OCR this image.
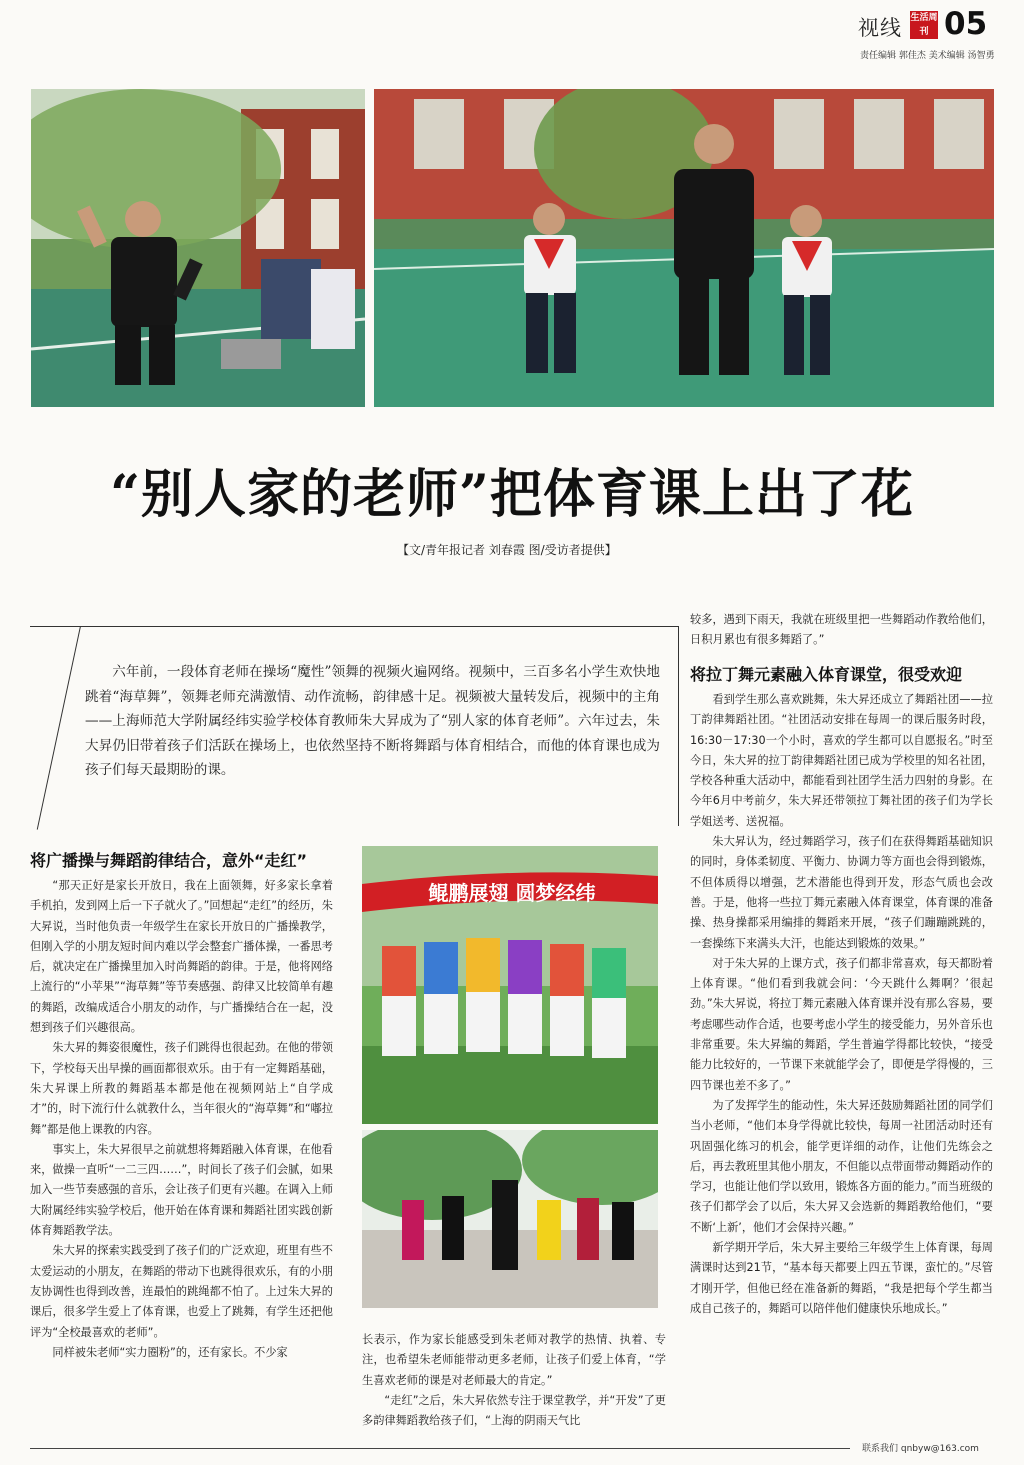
视线 生活周刊 05
责任编辑 郭佳杰 美术编辑 汤智勇
“别人家的老师”把体育课上出了花
【文/青年报记者 刘春霞 图/受访者提供】
六年前，一段体育老师在操场“魔性”领舞的视频火遍网络。视频中，三百多名小学生欢快地跳着“海草舞”，领舞老师充满激情、动作流畅，韵律感十足。视频被大量转发后，视频中的主角——上海师范大学附属经纬实验学校体育教师朱大昇成为了“别人家的体育老师”。六年过去，朱大昇仍旧带着孩子们活跃在操场上，也依然坚持不断将舞蹈与体育相结合，而他的体育课也成为孩子们每天最期盼的课。
将广播操与舞蹈韵律结合，意外“走红”

“那天正好是家长开放日，我在上面领舞，好多家长拿着手机拍，发到网上后一下子就火了。”回想起“走红”的经历，朱大昇说，当时他负责一年级学生在家长开放日的广播操教学，但刚入学的小朋友短时间内难以学会整套广播体操，一番思考后，就决定在广播操里加入时尚舞蹈的韵律。于是，他将网络上流行的“小苹果”“海草舞”等节奏感强、韵律又比较简单有趣的舞蹈，改编成适合小朋友的动作，与广播操结合在一起，没想到孩子们兴趣很高。

朱大昇的舞姿很魔性，孩子们跳得也很起劲。在他的带领下，学校每天出早操的画面都很欢乐。由于有一定舞蹈基础，朱大昇课上所教的舞蹈基本都是他在视频网站上“自学成才”的，时下流行什么就教什么，当年很火的“海草舞”和“嘟拉舞”都是他上课教的内容。

事实上，朱大昇很早之前就想将舞蹈融入体育课，在他看来，做操一直听“一二三四……”，时间长了孩子们会腻，如果加入一些节奏感强的音乐，会让孩子们更有兴趣。在调入上师大附属经纬实验学校后，他开始在体育课和舞蹈社团实践创新体育舞蹈教学法。

朱大昇的探索实践受到了孩子们的广泛欢迎，班里有些不太爱运动的小朋友，在舞蹈的带动下也跳得很欢乐，有的小朋友协调性也得到改善，连最怕的跳绳都不怕了。上过朱大昇的课后，很多学生爱上了体育课，也爱上了跳舞，有学生还把他评为“全校最喜欢的老师”。

同样被朱老师“实力圈粉”的，还有家长。不少家

鲲鹏展翅 圆梦经纬

长表示，作为家长能感受到朱老师对教学的热情、执着、专注，也希望朱老师能带动更多老师，让孩子们爱上体育，“学生喜欢老师的课是对老师最大的肯定。”

“走红”之后，朱大昇依然专注于课堂教学，并“开发”了更多韵律舞蹈教给孩子们，“上海的阴雨天气比

较多，遇到下雨天，我就在班级里把一些舞蹈动作教给他们，日积月累也有很多舞蹈了。”

将拉丁舞元素融入体育课堂，很受欢迎

看到学生那么喜欢跳舞，朱大昇还成立了舞蹈社团——拉丁韵律舞蹈社团。“社团活动安排在每周一的课后服务时段，16:30－17:30一个小时，喜欢的学生都可以自愿报名。”时至今日，朱大昇的拉丁韵律舞蹈社团已成为学校里的知名社团，学校各种重大活动中，都能看到社团学生活力四射的身影。在今年6月中考前夕，朱大昇还带领拉丁舞社团的孩子们为学长学姐送考、送祝福。

朱大昇认为，经过舞蹈学习，孩子们在获得舞蹈基础知识的同时，身体柔韧度、平衡力、协调力等方面也会得到锻炼，不但体质得以增强，艺术潜能也得到开发，形态气质也会改善。于是，他将一些拉丁舞元素融入体育课堂，体育课的准备操、热身操都采用编排的舞蹈来开展，“孩子们蹦蹦跳跳的，一套操练下来满头大汗，也能达到锻炼的效果。”

对于朱大昇的上课方式，孩子们都非常喜欢，每天都盼着上体育课。“他们看到我就会问：‘今天跳什么舞啊？’很起劲。”朱大昇说，将拉丁舞元素融入体育课并没有那么容易，要考虑哪些动作合适，也要考虑小学生的接受能力，另外音乐也非常重要。朱大昇编的舞蹈，学生普遍学得都比较快，“接受能力比较好的，一节课下来就能学会了，即便是学得慢的，三四节课也差不多了。”

为了发挥学生的能动性，朱大昇还鼓励舞蹈社团的同学们当小老师，“他们本身学得就比较快，每周一社团活动时还有巩固强化练习的机会，能学更详细的动作，让他们先练会之后，再去教班里其他小朋友，不但能以点带面带动舞蹈动作的学习，也能让他们学以致用，锻炼各方面的能力。”而当班级的孩子们都学会了以后，朱大昇又会选新的舞蹈教给他们，“要不断‘上新’，他们才会保持兴趣。”

新学期开学后，朱大昇主要给三年级学生上体育课，每周满课时达到21节，“基本每天都要上四五节课，蛮忙的。”尽管才刚开学，但他已经在准备新的舞蹈，“我是把每个学生都当成自己孩子的，舞蹈可以陪伴他们健康快乐地成长。”

联系我们 qnbyw@163.com
